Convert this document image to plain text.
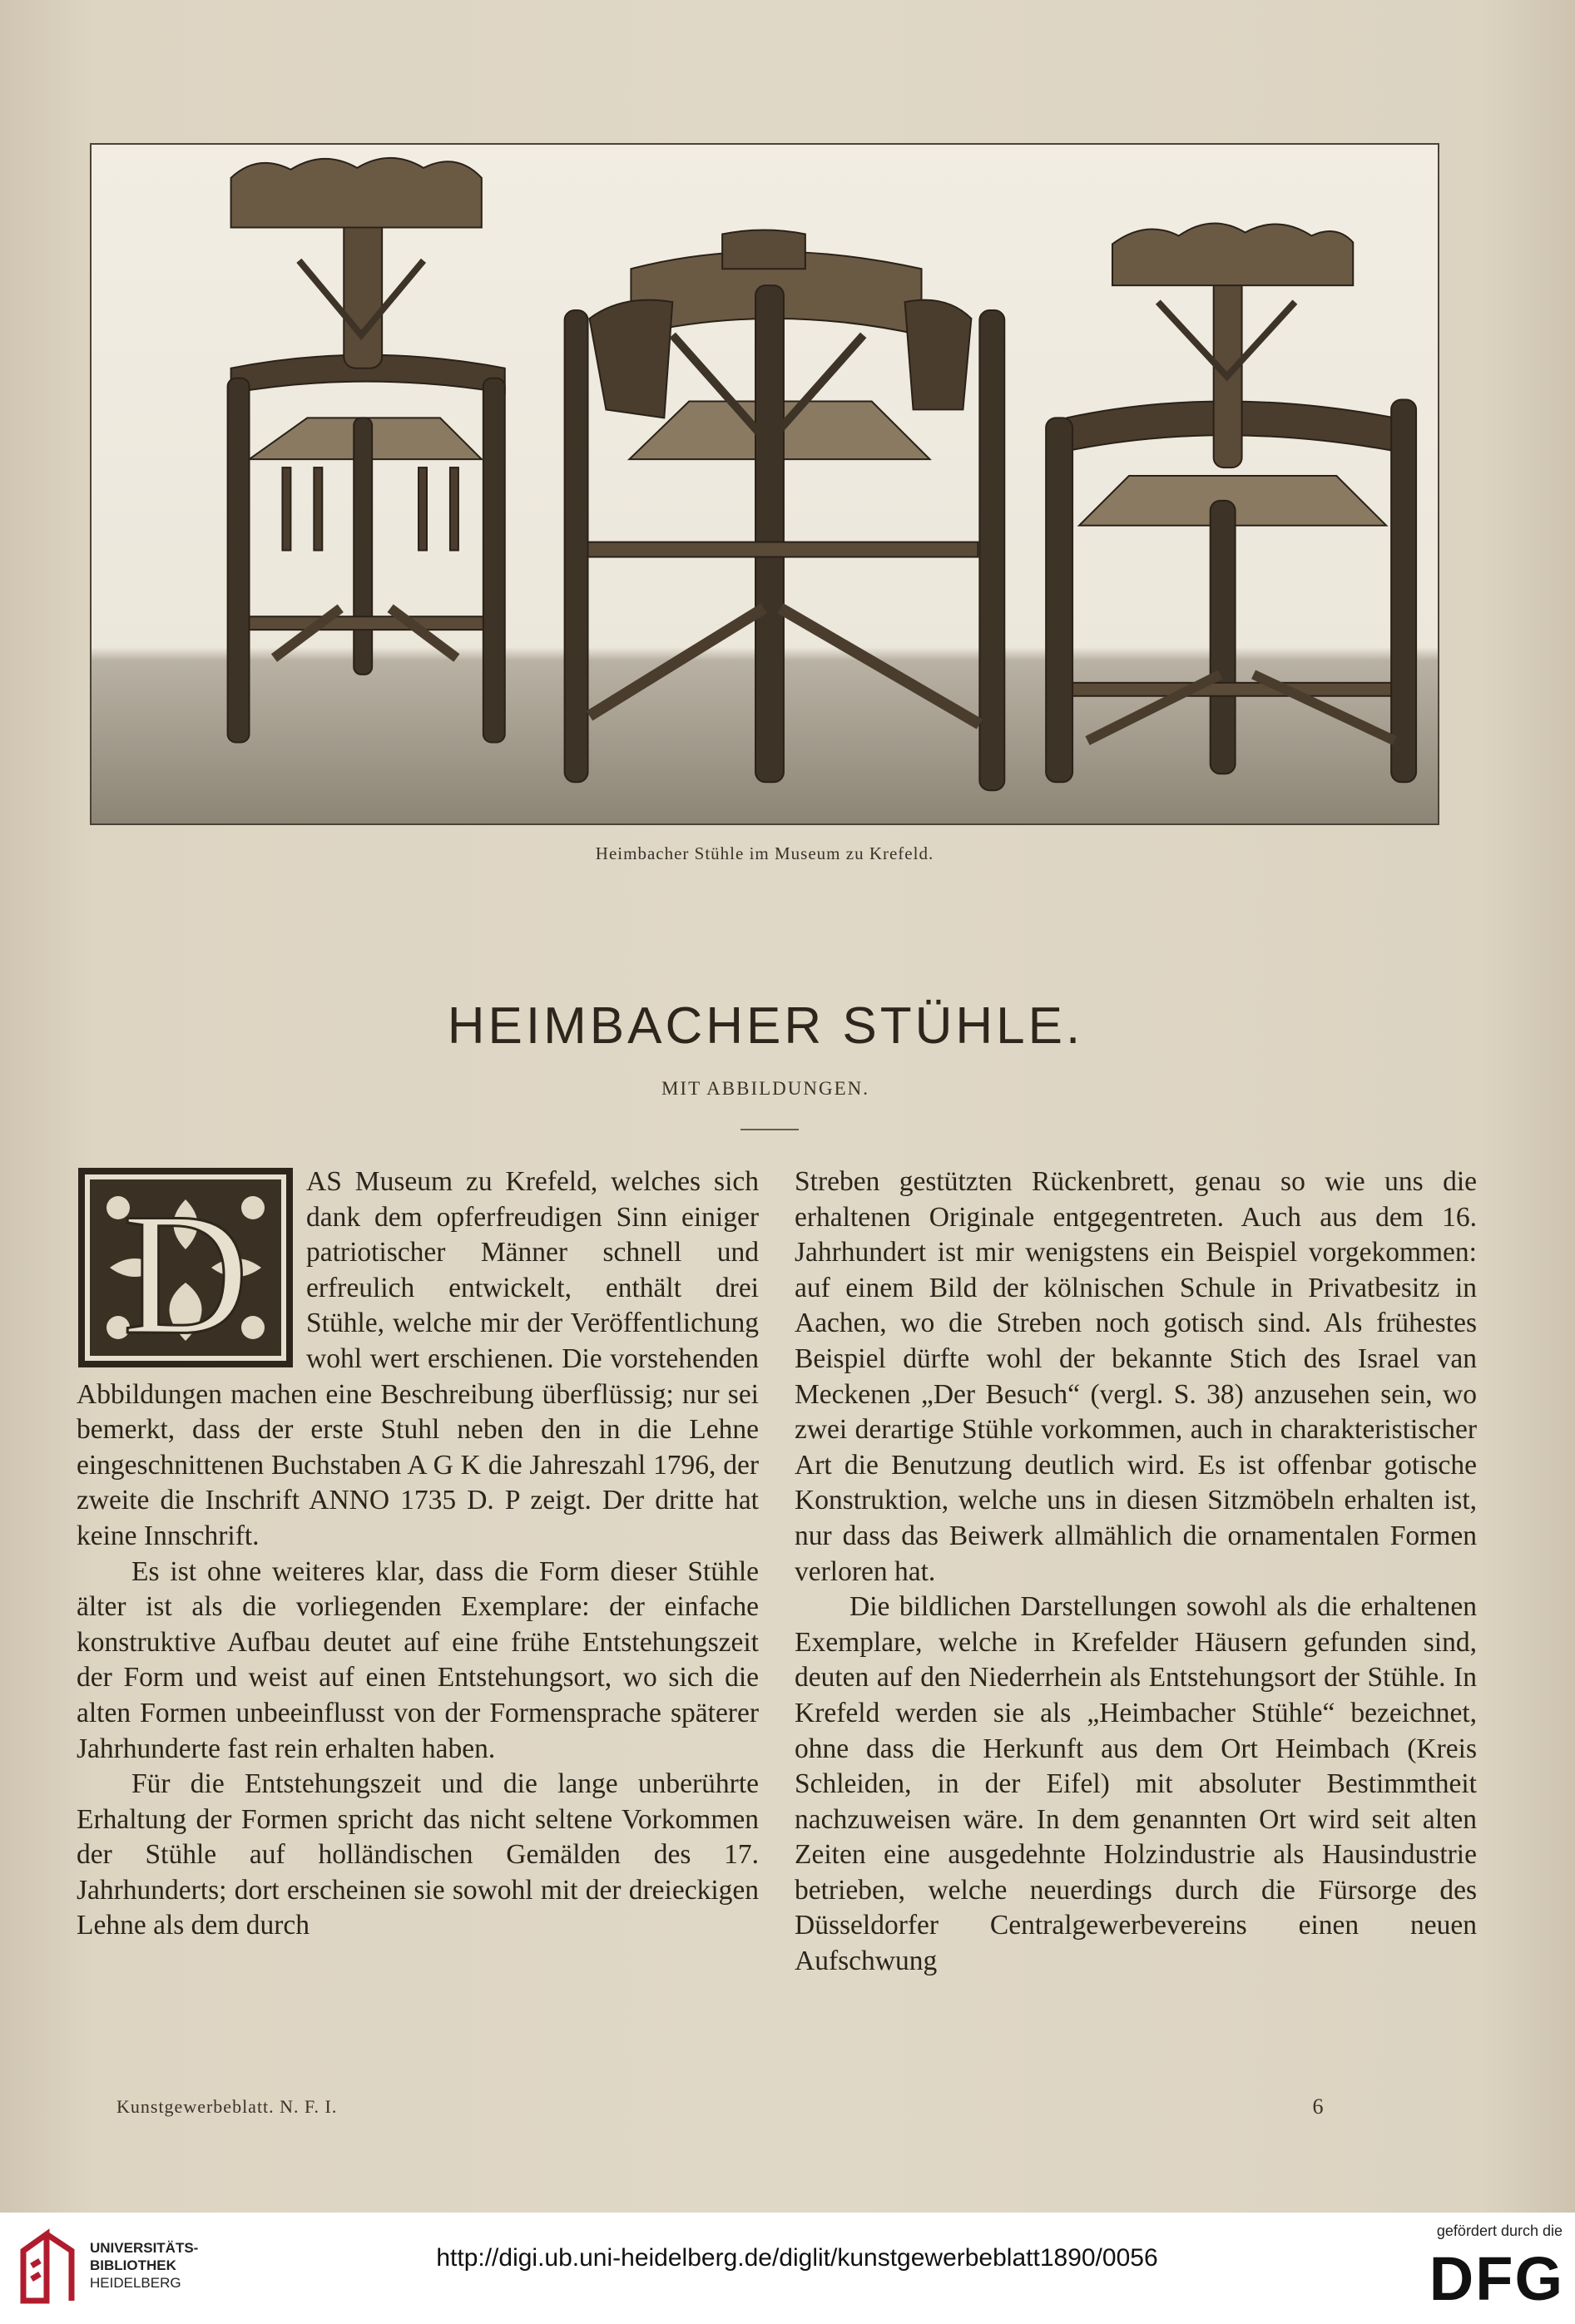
Heimbacher Stühle im Museum zu Krefeld.
HEIMBACHER STÜHLE.
MIT ABBILDUNGEN.
D	AS Museum zu Krefeld, welches sich dank dem opferfreudigen Sinn einiger patriotischer Männer schnell und erfreulich entwickelt, enthält drei Stühle, welche mir der Veröffentlichung wohl wert erschienen. Die vorstehenden Abbildungen machen eine Beschreibung überflüssig; nur sei bemerkt, dass der erste Stuhl neben den in die Lehne eingeschnittenen Buchstaben A G K die Jahreszahl 1796, der zweite die Inschrift ANNO 1735 D. P zeigt. Der dritte hat keine Innschrift.

Es ist ohne weiteres klar, dass die Form dieser Stühle älter ist als die vorliegenden Exemplare: der einfache konstruktive Aufbau deutet auf eine frühe Entstehungszeit der Form und weist auf einen Entstehungsort, wo sich die alten Formen unbeeinflusst von der Formensprache späterer Jahrhunderte fast rein erhalten haben.

Für die Entstehungszeit und die lange unberührte Erhaltung der Formen spricht das nicht seltene Vorkommen der Stühle auf holländischen Gemälden des 17. Jahrhunderts; dort erscheinen sie sowohl mit der dreieckigen Lehne als dem durch

Streben gestützten Rückenbrett, genau so wie uns die erhaltenen Originale entgegentreten. Auch aus dem 16. Jahrhundert ist mir wenigstens ein Beispiel vorgekommen: auf einem Bild der kölnischen Schule in Privatbesitz in Aachen, wo die Streben noch gotisch sind. Als frühestes Beispiel dürfte wohl der bekannte Stich des Israel van Meckenen „Der Besuch“ (vergl. S. 38) anzusehen sein, wo zwei derartige Stühle vorkommen, auch in charakteristischer Art die Benutzung deutlich wird. Es ist offenbar gotische Konstruktion, welche uns in diesen Sitzmöbeln erhalten ist, nur dass das Beiwerk allmählich die ornamentalen Formen verloren hat.

Die bildlichen Darstellungen sowohl als die erhaltenen Exemplare, welche in Krefelder Häusern gefunden sind, deuten auf den Niederrhein als Entstehungsort der Stühle. In Krefeld werden sie als „Heimbacher Stühle“ bezeichnet, ohne dass die Herkunft aus dem Ort Heimbach (Kreis Schleiden, in der Eifel) mit absoluter Bestimmtheit nachzuweisen wäre. In dem genannten Ort wird seit alten Zeiten eine ausgedehnte Holzindustrie als Hausindustrie betrieben, welche neuerdings durch die Fürsorge des Düsseldorfer Centralgewerbevereins einen neuen Aufschwung

Kunstgewerbeblatt. N. F. I.	6
UNIVERSITÄTS-
BIBLIOTHEK
HEIDELBERG
http://digi.ub.uni-heidelberg.de/diglit/kunstgewerbeblatt1890/0056
gefördert durch die
DFG
